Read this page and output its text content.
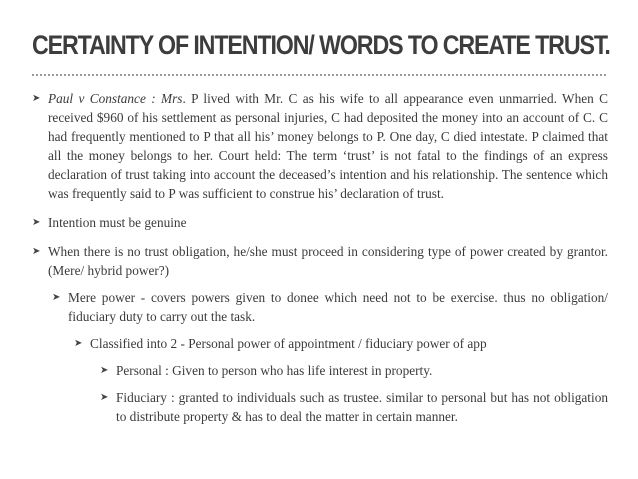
CERTAINTY OF INTENTION/ WORDS TO CREATE TRUST.

➤ Paul v Constance : Mrs. P lived with Mr. C as his wife to all appearance even unmarried. When C received $960 of his settlement as personal injuries, C had deposited the money into an account of C. C had frequently mentioned to P that all his’ money belongs to P. One day, C died intestate. P claimed that all the money belongs to her. Court held: The term ‘trust’ is not fatal to the findings of an express declaration of trust taking into account the deceased’s intention and his relationship. The sentence which was frequently said to P was sufficient to construe his’ declaration of trust.

➤ Intention must be genuine

➤ When there is no trust obligation, he/she must proceed in considering type of power created by grantor. (Mere/ hybrid power?)

➤ Mere power - covers powers given to donee which need not to be exercise. thus no obligation/ fiduciary duty to carry out the task.

➤ Classified into 2 - Personal power of appointment / fiduciary power of app

➤ Personal : Given to person who has life interest in property.

➤ Fiduciary : granted to individuals such as trustee. similar to personal but has not obligation to distribute property & has to deal the matter in certain manner.
